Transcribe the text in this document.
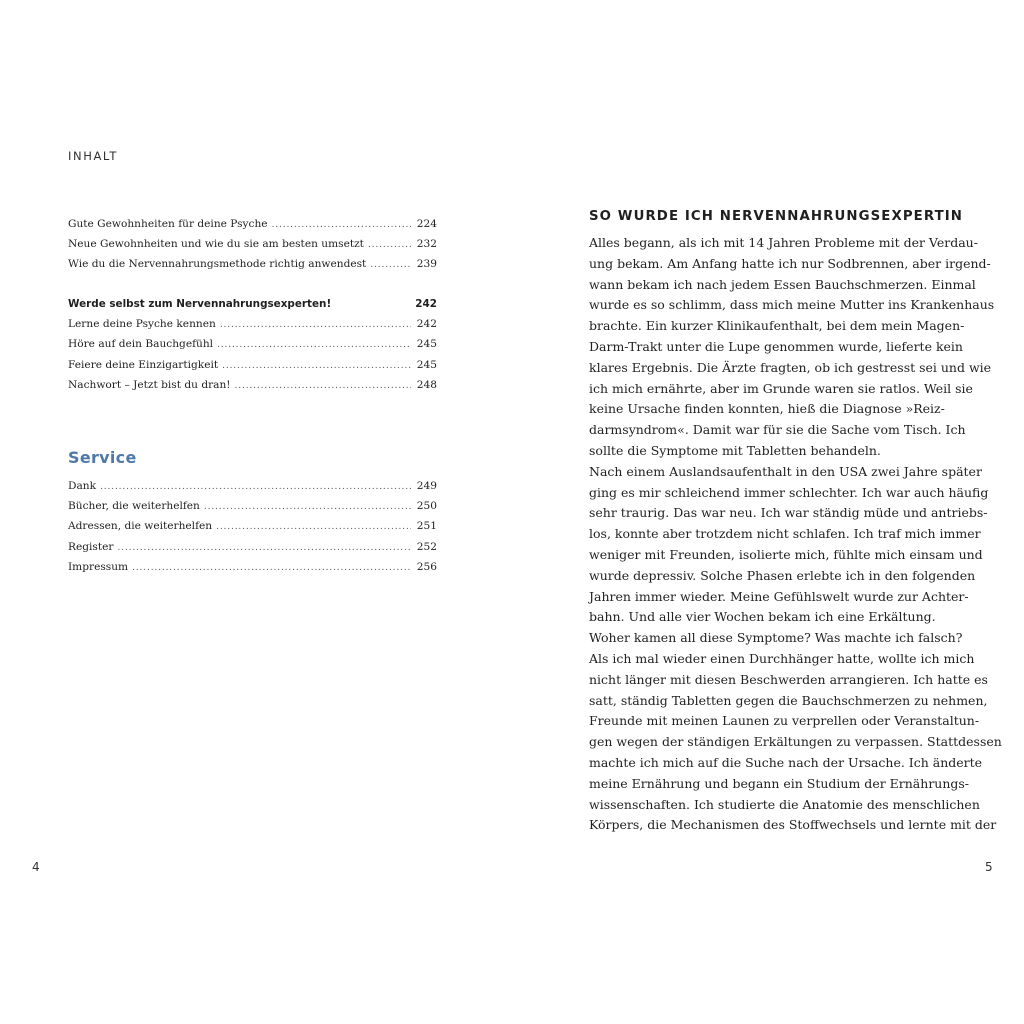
INHALT
Gute Gewohnheiten für deine Psyche . . .	224
Neue Gewohnheiten und wie du sie am besten umsetzt . . .	232
Wie du die Nervennahrungsmethode richtig anwendest . . .	239
Werde selbst zum Nervennahrungsexperten!	242
Lerne deine Psyche kennen . . .	242
Höre auf dein Bauchgefühl . . .	245
Feiere deine Einzigartigkeit . . .	245
Nachwort – Jetzt bist du dran! . . .	248
Service
Dank . . .	249
Bücher, die weiterhelfen . . .	250
Adressen, die weiterhelfen . . .	251
Register . . .	252
Impressum . . .	256
4
SO WURDE ICH NERVENNAHRUNGSEXPERTIN
Alles begann, als ich mit 14 Jahren Probleme mit der Verdau-
ung bekam. Am Anfang hatte ich nur Sodbrennen, aber irgend-
wann bekam ich nach jedem Essen Bauchschmerzen. Einmal
wurde es so schlimm, dass mich meine Mutter ins Krankenhaus
brachte. Ein kurzer Klinikaufenthalt, bei dem mein Magen-
Darm-Trakt unter die Lupe genommen wurde, lieferte kein
klares Ergebnis. Die Ärzte fragten, ob ich gestresst sei und wie
ich mich ernährte, aber im Grunde waren sie ratlos. Weil sie
keine Ursache finden konnten, hieß die Diagnose »Reiz-
darmsyndrom«. Damit war für sie die Sache vom Tisch. Ich
sollte die Symptome mit Tabletten behandeln.
Nach einem Auslandsaufenthalt in den USA zwei Jahre später
ging es mir schleichend immer schlechter. Ich war auch häufig
sehr traurig. Das war neu. Ich war ständig müde und antriebs-
los, konnte aber trotzdem nicht schlafen. Ich traf mich immer
weniger mit Freunden, isolierte mich, fühlte mich einsam und
wurde depressiv. Solche Phasen erlebte ich in den folgenden
Jahren immer wieder. Meine Gefühlswelt wurde zur Achter-
bahn. Und alle vier Wochen bekam ich eine Erkältung.
Woher kamen all diese Symptome? Was machte ich falsch?
Als ich mal wieder einen Durchhänger hatte, wollte ich mich
nicht länger mit diesen Beschwerden arrangieren. Ich hatte es
satt, ständig Tabletten gegen die Bauchschmerzen zu nehmen,
Freunde mit meinen Launen zu verprellen oder Veranstaltun-
gen wegen der ständigen Erkältungen zu verpassen. Stattdessen
machte ich mich auf die Suche nach der Ursache. Ich änderte
meine Ernährung und begann ein Studium der Ernährungs-
wissenschaften. Ich studierte die Anatomie des menschlichen
Körpers, die Mechanismen des Stoffwechsels und lernte mit der
5
